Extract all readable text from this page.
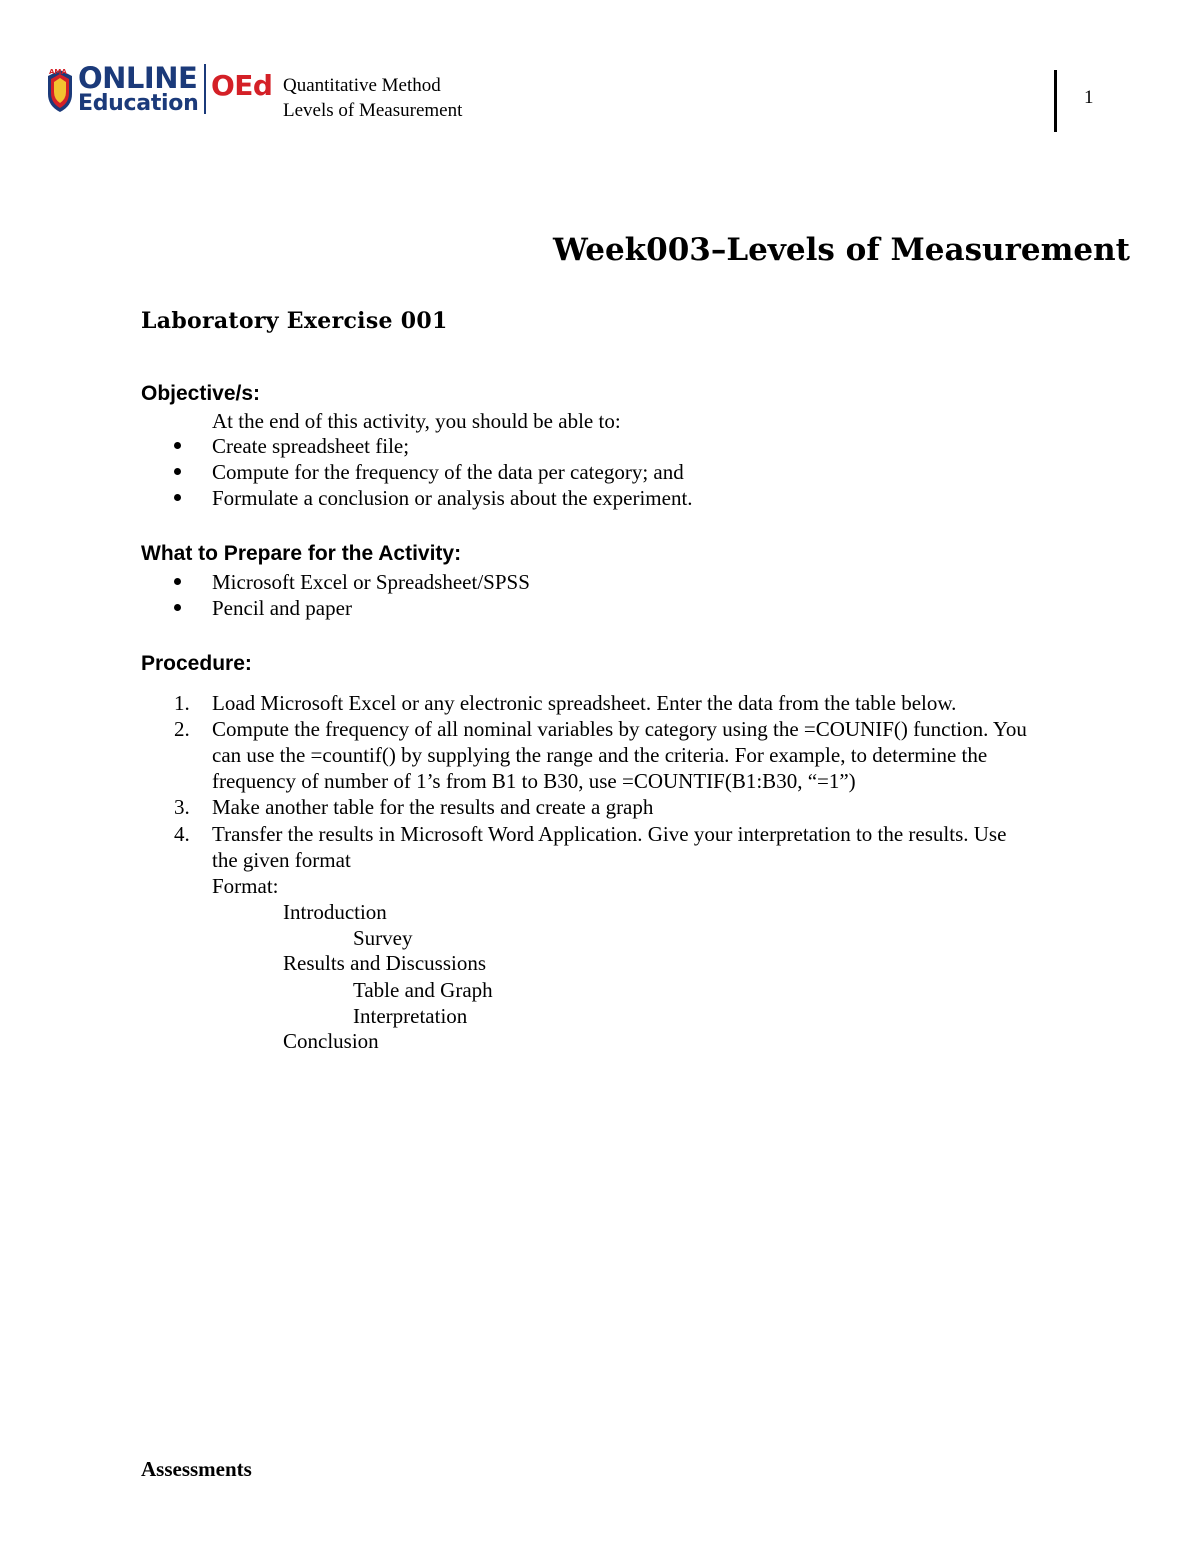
AMA ONLINE
Education
OEd Quantitative Method
Levels of Measurement
1
Week003–Levels of Measurement
Laboratory Exercise 001
Objective/s:
At the end of this activity, you should be able to:
Create spreadsheet file;
Compute for the frequency of the data per category; and
Formulate a conclusion or analysis about the experiment.
What to Prepare for the Activity:
Microsoft Excel or Spreadsheet/SPSS
Pencil and paper
Procedure:
1. Load Microsoft Excel or any electronic spreadsheet. Enter the data from the table below.
2. Compute the frequency of all nominal variables by category using the =COUNIF() function. You
can use the =countif() by supplying the range and the criteria. For example, to determine the
frequency of number of 1’s from B1 to B30, use =COUNTIF(B1:B30, “=1”)
3. Make another table for the results and create a graph
4. Transfer the results in Microsoft Word Application. Give your interpretation to the results. Use
the given format
Format:
Introduction
Survey
Results and Discussions
Table and Graph
Interpretation
Conclusion
Assessments
